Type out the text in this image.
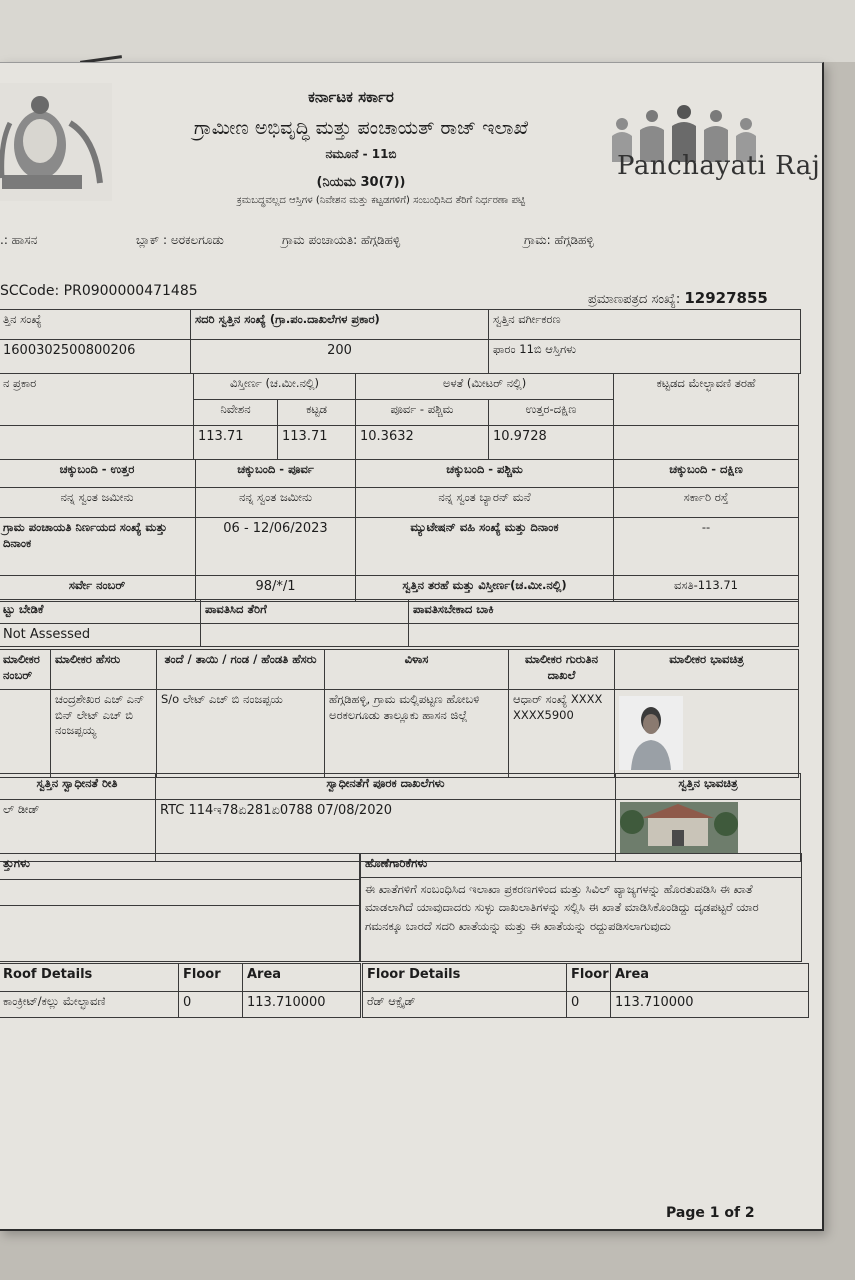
Panchayati Raj
ಕರ್ನಾಟಕ ಸರ್ಕಾರ
ಗ್ರಾಮೀಣ ಅಭಿವೃದ್ಧಿ ಮತ್ತು ಪಂಚಾಯತ್ ರಾಜ್ ಇಲಾಖೆ
ನಮೂನೆ - 11ಬಿ
(ನಿಯಮ 30(7))
ಕ್ರಮಬದ್ಧವಲ್ಲದ ಆಸ್ತಿಗಳ (ನಿವೇಶನ ಮತ್ತು ಕಟ್ಟಡಗಳಿಗೆ) ಸಂಬಂಧಿಸಿದ ತೆರಿಗೆ ನಿರ್ಧರಣಾ ಪಟ್ಟಿ
.: ಹಾಸನ	ಬ್ಲಾಕ್ : ಅರಕಲಗೂಡು	ಗ್ರಾಮ ಪಂಚಾಯತಿ: ಹೆಗ್ಗಡಿಹಳ್ಳಿ	ಗ್ರಾಮ: ಹೆಗ್ಗಡಿಹಳ್ಳಿ
SCCode: PR0900000471485
ಪ್ರಮಾಣಪತ್ರದ ಸಂಖ್ಯೆ: 12927855
ತ್ತಿನ ಸಂಖ್ಯೆ	ಸದರಿ ಸ್ವತ್ತಿನ ಸಂಖ್ಯೆ (ಗ್ರಾ.ಪಂ.ದಾಖಲೆಗಳ ಪ್ರಕಾರ)	ಸ್ವತ್ತಿನ ವರ್ಗೀಕರಣ
1600302500800206	200	ಫಾರಂ 11ಬಿ ಆಸ್ತಿಗಳು
ನ ಪ್ರಕಾರ	ವಿಸ್ತೀರ್ಣ (ಚ.ಮೀ.ನಲ್ಲಿ)		ಅಳತೆ (ಮೀಟರ್ ನಲ್ಲಿ)		ಕಟ್ಟಡದ ಮೇಲ್ಛಾವಣಿ ತರಹೆ
	ನಿವೇಶನ	ಕಟ್ಟಡ	ಪೂರ್ವ - ಪಶ್ಚಿಮ	ಉತ್ತರ-ದಕ್ಷಿಣ	
	113.71	113.71	10.3632	10.9728	
ಚಕ್ಕುಬಂದಿ - ಉತ್ತರ	ಚಕ್ಕುಬಂದಿ - ಪೂರ್ವ	ಚಕ್ಕುಬಂದಿ - ಪಶ್ಚಿಮ	ಚಕ್ಕುಬಂದಿ - ದಕ್ಷಿಣ
ನನ್ನ ಸ್ವಂತ ಜಮೀನು	ನನ್ನ ಸ್ವಂತ ಜಮೀನು	ನನ್ನ ಸ್ವಂತ ಬ್ಯಾರನ್ ಮನೆ	ಸರ್ಕಾರಿ ರಸ್ತೆ
ಗ್ರಾಮ ಪಂಚಾಯತಿ ನಿರ್ಣಯದ ಸಂಖ್ಯೆ ಮತ್ತು ದಿನಾಂಕ	06 - 12/06/2023	ಮ್ಯುಟೇಷನ್ ವಹಿ ಸಂಖ್ಯೆ ಮತ್ತು ದಿನಾಂಕ	--
ಸರ್ವೇ ನಂಬರ್	98/*/1	ಸ್ವತ್ತಿನ ತರಹೆ ಮತ್ತು ವಿಸ್ತೀರ್ಣ(ಚ.ಮೀ.ನಲ್ಲಿ)	ವಸತಿ-113.71
ಟ್ಟು ಬೇಡಿಕೆ	ಪಾವತಿಸಿದ ತೆರಿಗೆ	ಪಾವತಿಸಬೇಕಾದ ಬಾಕಿ
Not Assessed		
ಮಾಲೀಕರ ನಂಬರ್	ಮಾಲೀಕರ ಹೆಸರು	ತಂದೆ / ತಾಯಿ / ಗಂಡ / ಹೆಂಡತಿ ಹೆಸರು	ವಿಳಾಸ	ಮಾಲೀಕರ ಗುರುತಿನ ದಾಖಲೆ	ಮಾಲೀಕರ ಭಾವಚಿತ್ರ
	ಚಂದ್ರಶೇಖರ ಎಚ್ ಎನ್ ಬಿನ್ ಲೇಟ್ ಎಚ್ ಬಿ ನಂಜಪ್ಪಯ್ಯ	S/o ಲೇಟ್ ಎಚ್ ಬಿ ನಂಜಪ್ಪಯ	ಹೆಗ್ಗಡಿಹಳ್ಳಿ, ಗ್ರಾಮ ಮಲ್ಲಿಪಟ್ಟಣ ಹೋಬಳಿ ಅರಕಲಗೂಡು ತಾಲ್ಲೂಕು ಹಾಸನ ಜಿಲ್ಲೆ	ಆಧಾರ್ ಸಂಖ್ಯೆ XXXXXXXX5900	
ಸ್ವತ್ತಿನ ಸ್ವಾಧೀನತೆ ರೀತಿ	ಸ್ವಾಧೀನತೆಗೆ ಪೂರಕ ದಾಖಲೆಗಳು	ಸ್ವತ್ತಿನ ಭಾವಚಿತ್ರ
ಲ್ ಡೀಡ್	RTC 114ಇ78ಏ281ಏ0788 07/08/2020	
ತ್ತುಗಳು	ಹೊಣೆಗಾರಿಕೆಗಳು
ಈ ಖಾತೆಗಳಿಗೆ ಸಂಬಂಧಿಸಿದ ಇಲಾಖಾ ಪ್ರಕರಣಗಳಿಂದ ಮತ್ತು ಸಿವಿಲ್ ವ್ಯಾಜ್ಯಗಳನ್ನು ಹೊರತುಪಡಿಸಿ ಈ ಖಾತೆ ಮಾಡಲಾಗಿದೆ ಯಾವುದಾದರು ಸುಳ್ಳು ದಾಖಲಾತಿಗಳನ್ನು ಸಲ್ಲಿಸಿ ಈ ಖಾತೆ ಮಾಡಿಸಿಕೊಂಡಿದ್ದು ದೃಡಪಟ್ಟರೆ ಯಾರ ಗಮನಕ್ಕೂ ಬಾರದೆ ಸದರಿ ಖಾತೆಯನ್ನು ಮತ್ತು ಈ ಖಾತೆಯನ್ನು ರದ್ದುಪಡಿಸಲಾಗುವುದು
Roof Details	Floor	Area
ಕಾಂಕ್ರೀಟ್/ಕಲ್ಲು ಮೇಲ್ಛಾವಣಿ	0	113.710000
Floor Details	Floor	Area
ರೆಡ್ ಆಕ್ಸೈಡ್	0	113.710000
Page 1 of 2
